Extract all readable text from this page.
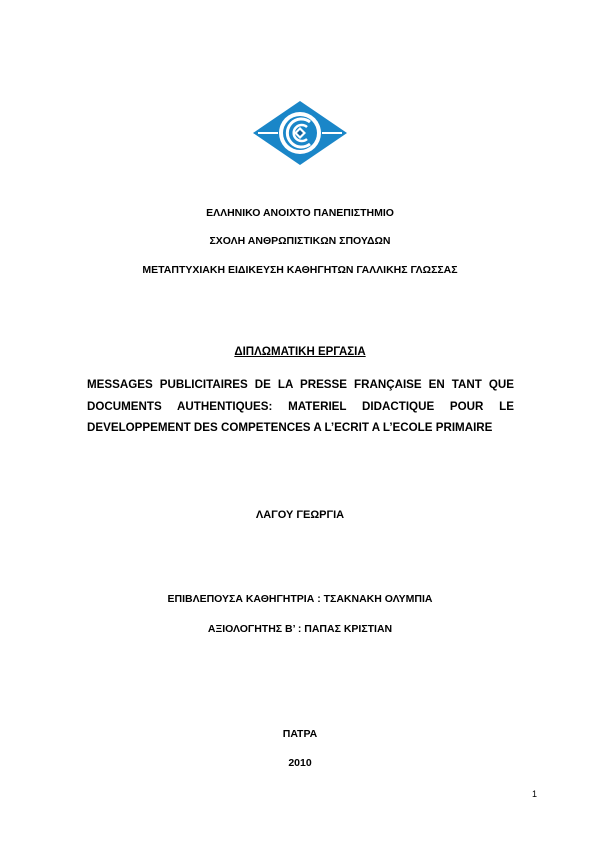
ΕΛΛΗΝΙΚΟ ΑΝΟΙΧΤΟ ΠΑΝΕΠΙΣΤΗΜΙΟ
ΣΧΟΛΗ ΑΝΘΡΩΠΙΣΤΙΚΩΝ ΣΠΟΥΔΩΝ
ΜΕΤΑΠΤΥΧΙΑΚΗ ΕΙΔΙΚΕΥΣΗ ΚΑΘΗΓΗΤΩΝ ΓΑΛΛΙΚΗΣ ΓΛΩΣΣΑΣ
ΔΙΠΛΩΜΑΤΙΚΗ ΕΡΓΑΣΙΑ
MESSAGES PUBLICITAIRES DE LA PRESSE FRANÇAISE EN TANT QUE DOCUMENTS AUTHENTIQUES: MATERIEL DIDACTIQUE POUR LE DEVELOPPEMENT DES COMPETENCES A L’ECRIT A L’ECOLE PRIMAIRE
ΛΑΓΟΥ ΓΕΩΡΓΙΑ
ΕΠΙΒΛΕΠΟΥΣΑ ΚΑΘΗΓΗΤΡΙΑ : ΤΣΑΚΝΑΚΗ ΟΛΥΜΠΙΑ
ΑΞΙΟΛΟΓΗΤΗΣ Β’ : ΠΑΠΑΣ ΚΡΙΣΤΙΑΝ
ΠΑΤΡΑ
2010
1
